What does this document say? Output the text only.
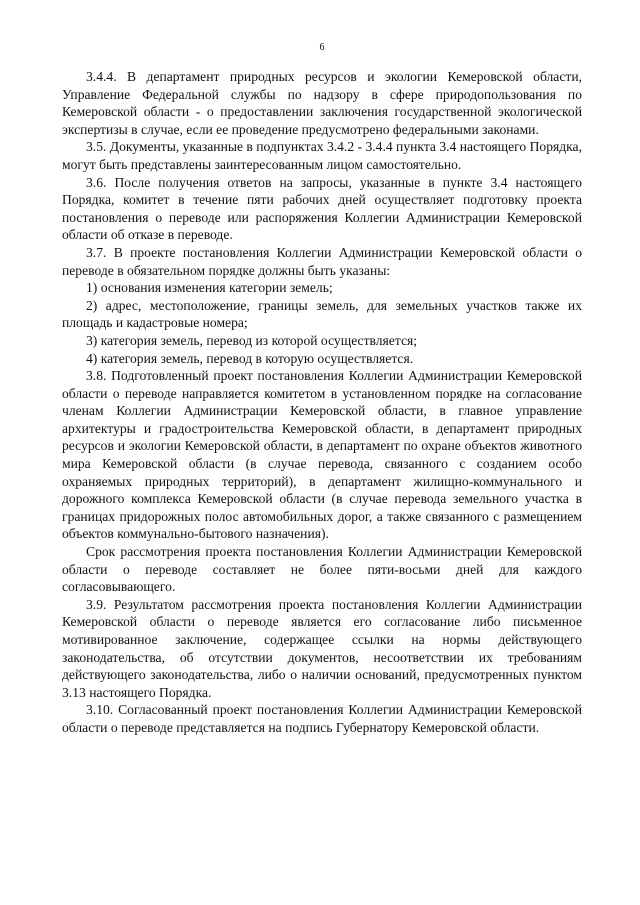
6

3.4.4. В департамент природных ресурсов и экологии Кемеровской области, Управление Федеральной службы по надзору в сфере природопользования по Кемеровской области - о предоставлении заключения государственной экологической экспертизы в случае, если ее проведение предусмотрено федеральными законами.

3.5. Документы, указанные в подпунктах 3.4.2 - 3.4.4 пункта 3.4 настоящего Порядка, могут быть представлены заинтересованным лицом самостоятельно.

3.6. После получения ответов на запросы, указанные в пункте 3.4 настоящего Порядка, комитет в течение пяти рабочих дней осуществляет подготовку проекта постановления о переводе или распоряжения Коллегии Администрации Кемеровской области об отказе в переводе.

3.7. В проекте постановления Коллегии Администрации Кемеровской области о переводе в обязательном порядке должны быть указаны:

1) основания изменения категории земель;

2) адрес, местоположение, границы земель, для земельных участков также их площадь и кадастровые номера;

3) категория земель, перевод из которой осуществляется;

4) категория земель, перевод в которую осуществляется.

3.8. Подготовленный проект постановления Коллегии Администрации Кемеровской области о переводе направляется комитетом в установленном порядке на согласование членам Коллегии Администрации Кемеровской области, в главное управление архитектуры и градостроительства Кемеровской области, в департамент природных ресурсов и экологии Кемеровской области, в департамент по охране объектов животного мира Кемеровской области (в случае перевода, связанного с созданием особо охраняемых природных территорий), в департамент жилищно-коммунального и дорожного комплекса Кемеровской области (в случае перевода земельного участка в границах придорожных полос автомобильных дорог, а также связанного с размещением объектов коммунально-бытового назначения).

Срок рассмотрения проекта постановления Коллегии Администрации Кемеровской области о переводе составляет не более пяти-восьми дней для каждого согласовывающего.

3.9. Результатом рассмотрения проекта постановления Коллегии Администрации Кемеровской области о переводе является его согласование либо письменное мотивированное заключение, содержащее ссылки на нормы действующего законодательства, об отсутствии документов, несоответствии их требованиям действующего законодательства, либо о наличии оснований, предусмотренных пунктом 3.13 настоящего Порядка.

3.10. Согласованный проект постановления Коллегии Администрации Кемеровской области о переводе представляется на подпись Губернатору Кемеровской области.
